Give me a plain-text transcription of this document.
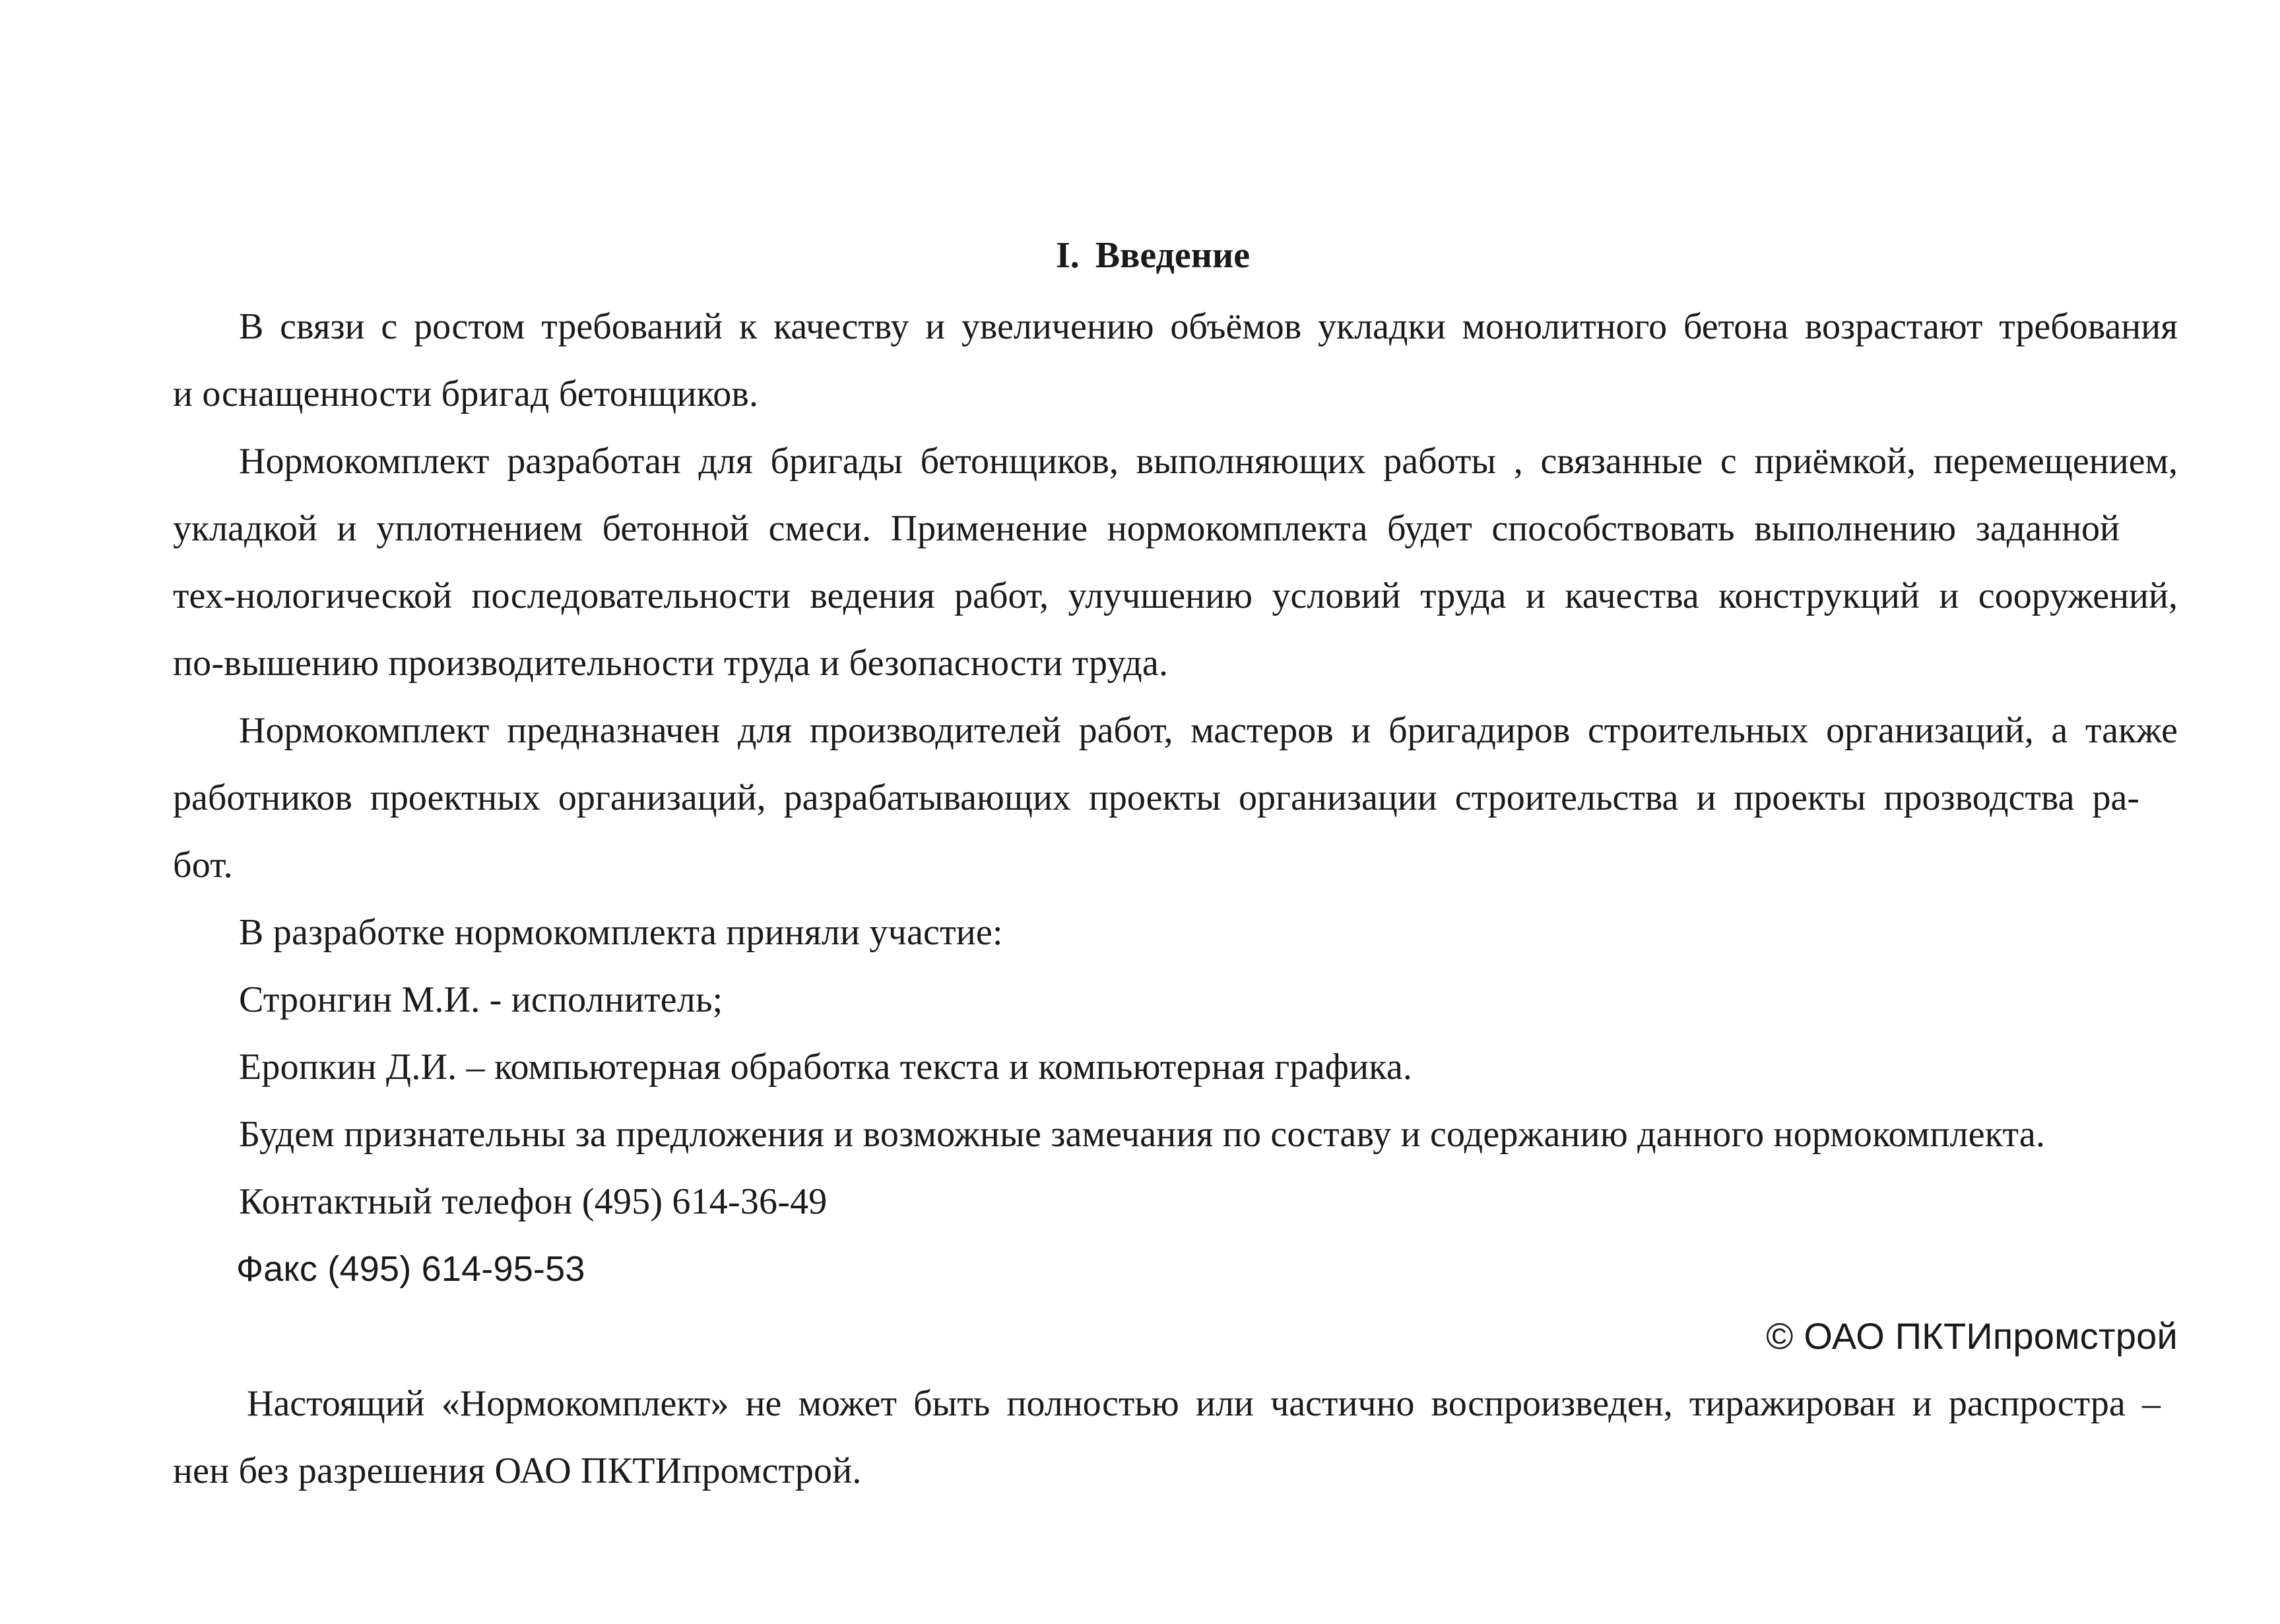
I. Введение
В связи с ростом требований к качеству и увеличению объёмов укладки монолитного бетона возрастают требования
и оснащенности бригад бетонщиков.
Нормокомплект разработан для бригады бетонщиков, выполняющих работы , связанные с приёмкой, перемещением,
укладкой и уплотнением бетонной смеси. Применение нормокомплекта будет способствовать выполнению заданной
тех-нологической последовательности ведения работ, улучшению условий труда и качества конструкций и сооружений,
по-вышению производительности труда и безопасности труда.
Нормокомплект предназначен для производителей работ, мастеров и бригадиров строительных организаций, а также
работников проектных организаций, разрабатывающих проекты организации строительства и проекты прозводства ра-
бот.
В разработке нормокомплекта приняли участие:
Стронгин М.И. - исполнитель;
Еропкин Д.И. – компьютерная обработка текста и компьютерная графика.
Будем признательны за предложения и возможные замечания по составу и содержанию данного нормокомплекта.
Контактный телефон (495) 614-36-49
Факс (495) 614-95-53
© ОАО ПКТИпромстрой
Настоящий «Нормокомплект» не может быть полностью или частично воспроизведен, тиражирован и распростра –
нен без разрешения ОАО ПКТИпромстрой.
